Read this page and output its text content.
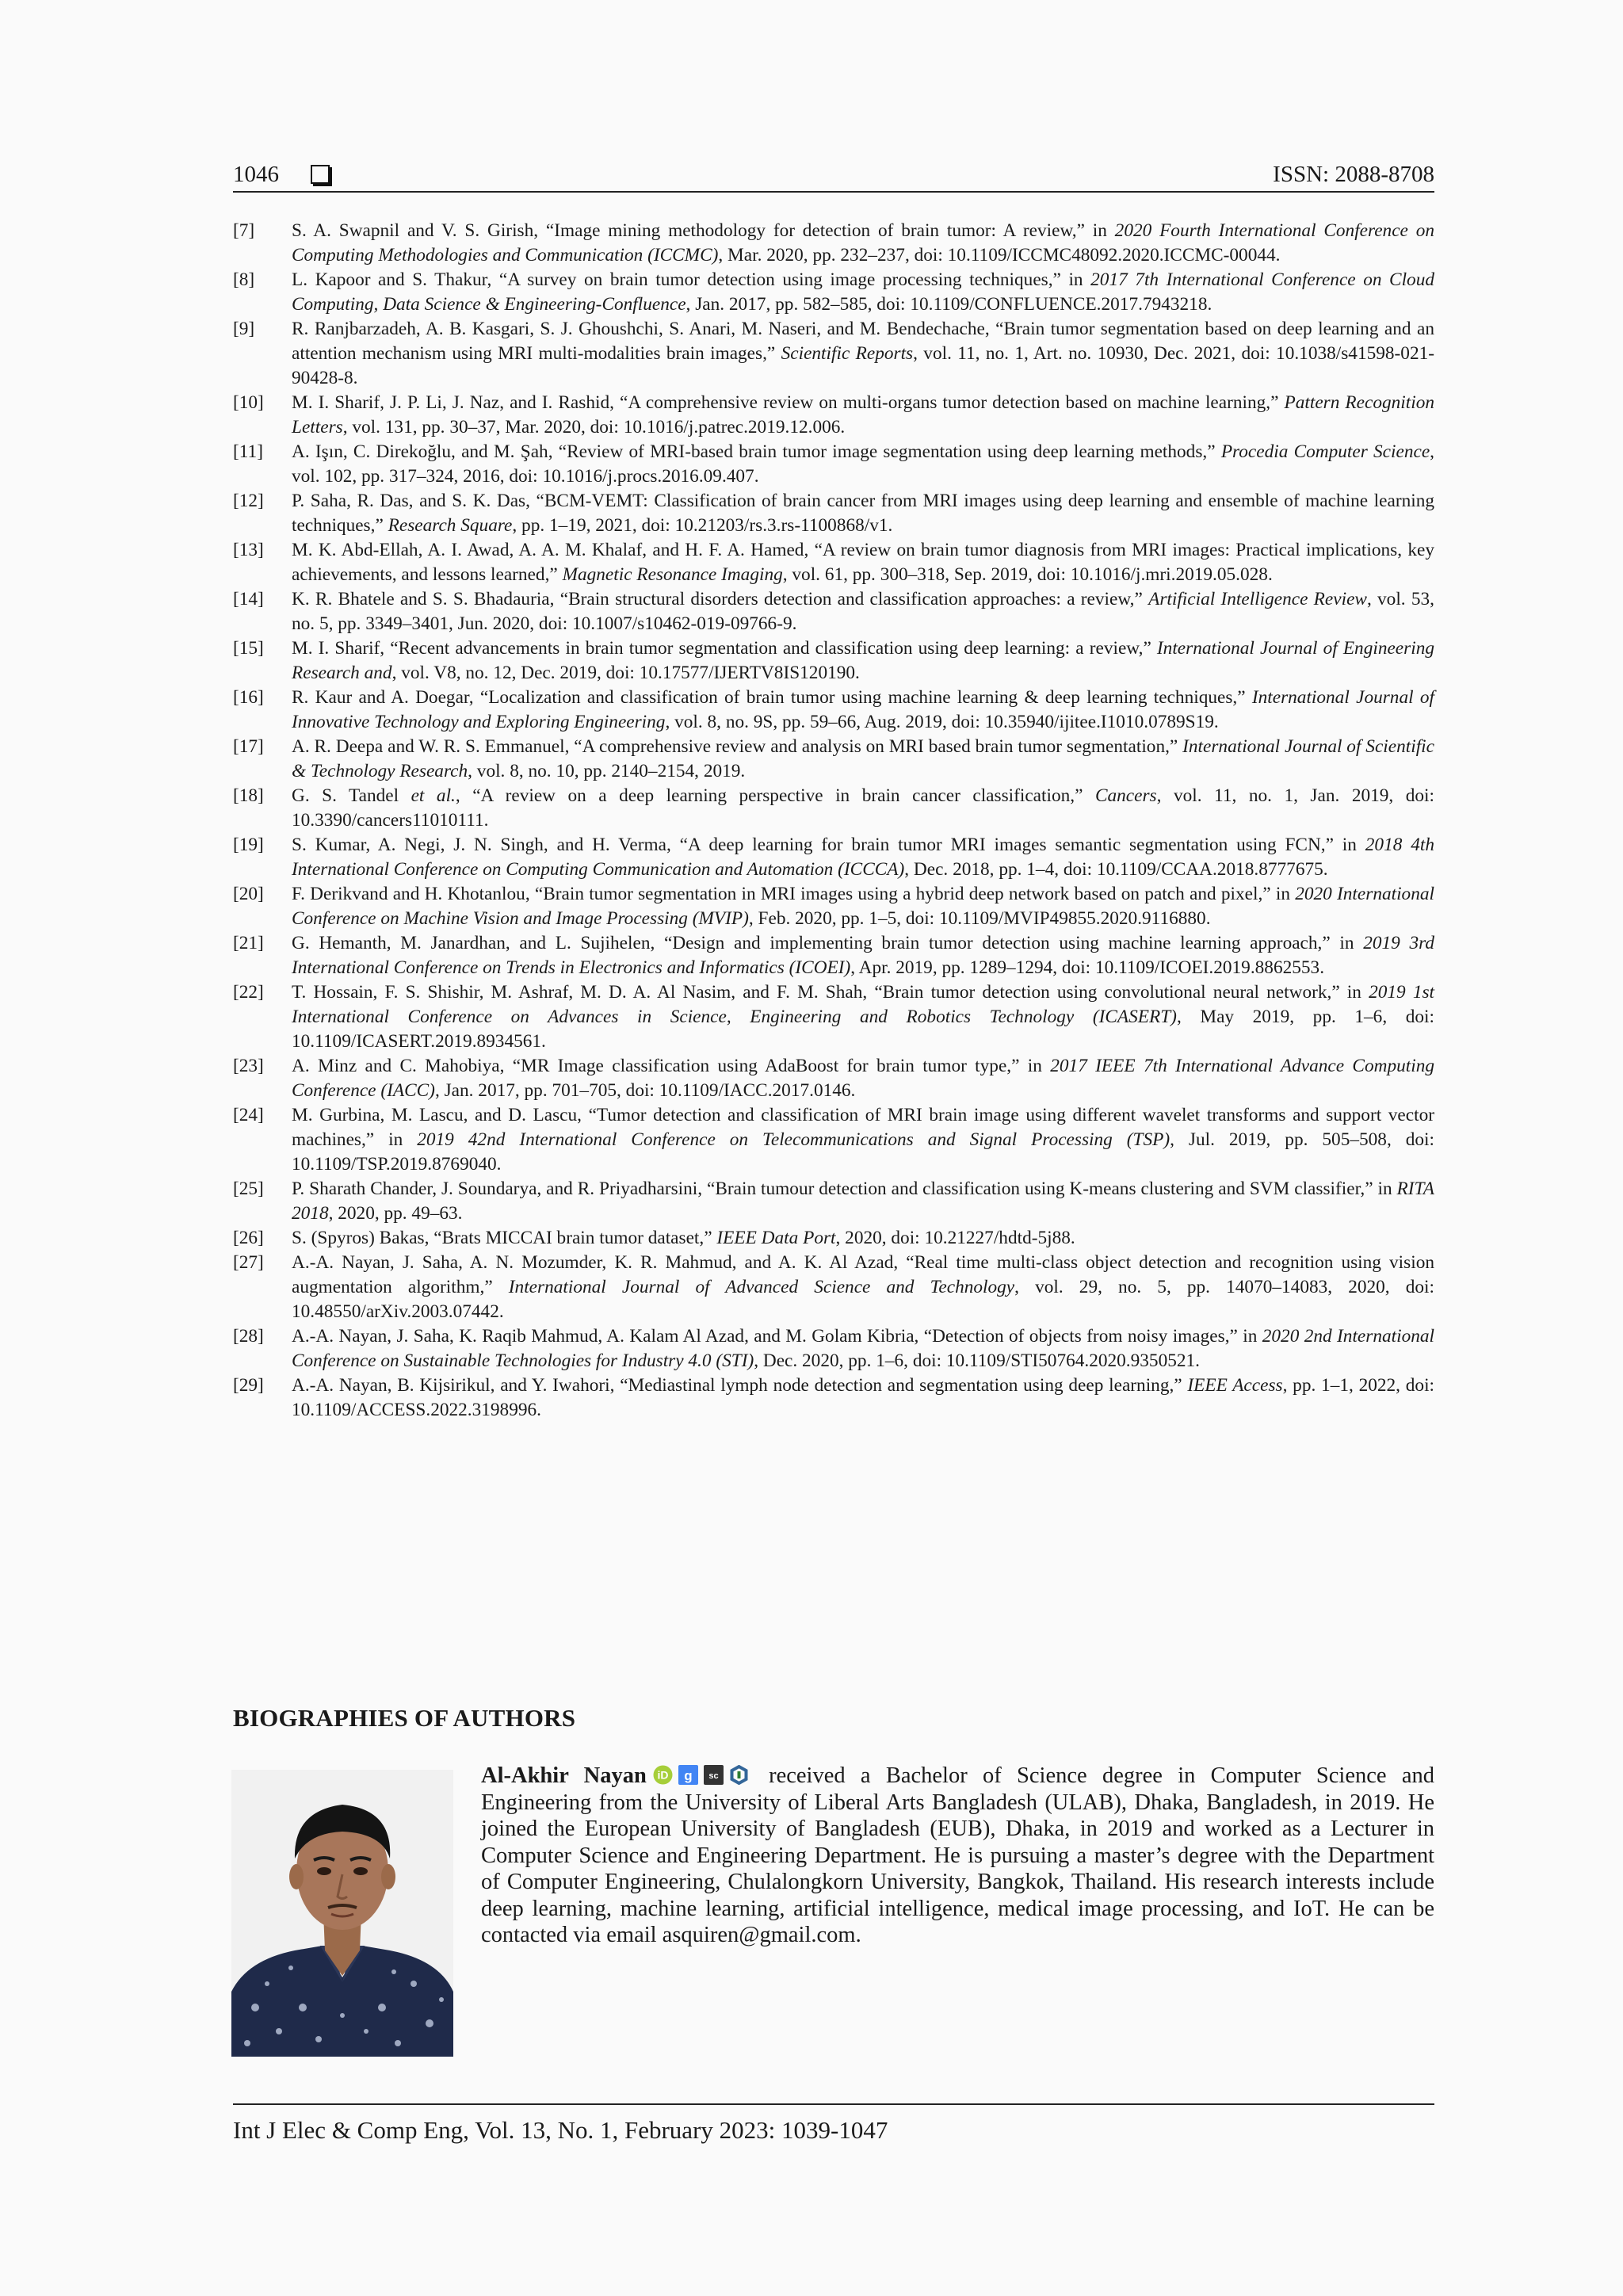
1046	ISSN: 2088-8708
[7]	S. A. Swapnil and V. S. Girish, “Image mining methodology for detection of brain tumor: A review,” in 2020 Fourth International Conference on Computing Methodologies and Communication (ICCMC), Mar. 2020, pp. 232–237, doi: 10.1109/ICCMC48092.2020.ICCMC-00044.
[8]	L. Kapoor and S. Thakur, “A survey on brain tumor detection using image processing techniques,” in 2017 7th International Conference on Cloud Computing, Data Science & Engineering-Confluence, Jan. 2017, pp. 582–585, doi: 10.1109/CONFLUENCE.2017.7943218.
[9]	R. Ranjbarzadeh, A. B. Kasgari, S. J. Ghoushchi, S. Anari, M. Naseri, and M. Bendechache, “Brain tumor segmentation based on deep learning and an attention mechanism using MRI multi-modalities brain images,” Scientific Reports, vol. 11, no. 1, Art. no. 10930, Dec. 2021, doi: 10.1038/s41598-021-90428-8.
[10]	M. I. Sharif, J. P. Li, J. Naz, and I. Rashid, “A comprehensive review on multi-organs tumor detection based on machine learning,” Pattern Recognition Letters, vol. 131, pp. 30–37, Mar. 2020, doi: 10.1016/j.patrec.2019.12.006.
[11]	A. Işın, C. Direkoğlu, and M. Şah, “Review of MRI-based brain tumor image segmentation using deep learning methods,” Procedia Computer Science, vol. 102, pp. 317–324, 2016, doi: 10.1016/j.procs.2016.09.407.
[12]	P. Saha, R. Das, and S. K. Das, “BCM-VEMT: Classification of brain cancer from MRI images using deep learning and ensemble of machine learning techniques,” Research Square, pp. 1–19, 2021, doi: 10.21203/rs.3.rs-1100868/v1.
[13]	M. K. Abd-Ellah, A. I. Awad, A. A. M. Khalaf, and H. F. A. Hamed, “A review on brain tumor diagnosis from MRI images: Practical implications, key achievements, and lessons learned,” Magnetic Resonance Imaging, vol. 61, pp. 300–318, Sep. 2019, doi: 10.1016/j.mri.2019.05.028.
[14]	K. R. Bhatele and S. S. Bhadauria, “Brain structural disorders detection and classification approaches: a review,” Artificial Intelligence Review, vol. 53, no. 5, pp. 3349–3401, Jun. 2020, doi: 10.1007/s10462-019-09766-9.
[15]	M. I. Sharif, “Recent advancements in brain tumor segmentation and classification using deep learning: a review,” International Journal of Engineering Research and, vol. V8, no. 12, Dec. 2019, doi: 10.17577/IJERTV8IS120190.
[16]	R. Kaur and A. Doegar, “Localization and classification of brain tumor using machine learning & deep learning techniques,” International Journal of Innovative Technology and Exploring Engineering, vol. 8, no. 9S, pp. 59–66, Aug. 2019, doi: 10.35940/ijitee.I1010.0789S19.
[17]	A. R. Deepa and W. R. S. Emmanuel, “A comprehensive review and analysis on MRI based brain tumor segmentation,” International Journal of Scientific & Technology Research, vol. 8, no. 10, pp. 2140–2154, 2019.
[18]	G. S. Tandel et al., “A review on a deep learning perspective in brain cancer classification,” Cancers, vol. 11, no. 1, Jan. 2019, doi: 10.3390/cancers11010111.
[19]	S. Kumar, A. Negi, J. N. Singh, and H. Verma, “A deep learning for brain tumor MRI images semantic segmentation using FCN,” in 2018 4th International Conference on Computing Communication and Automation (ICCCA), Dec. 2018, pp. 1–4, doi: 10.1109/CCAA.2018.8777675.
[20]	F. Derikvand and H. Khotanlou, “Brain tumor segmentation in MRI images using a hybrid deep network based on patch and pixel,” in 2020 International Conference on Machine Vision and Image Processing (MVIP), Feb. 2020, pp. 1–5, doi: 10.1109/MVIP49855.2020.9116880.
[21]	G. Hemanth, M. Janardhan, and L. Sujihelen, “Design and implementing brain tumor detection using machine learning approach,” in 2019 3rd International Conference on Trends in Electronics and Informatics (ICOEI), Apr. 2019, pp. 1289–1294, doi: 10.1109/ICOEI.2019.8862553.
[22]	T. Hossain, F. S. Shishir, M. Ashraf, M. D. A. Al Nasim, and F. M. Shah, “Brain tumor detection using convolutional neural network,” in 2019 1st International Conference on Advances in Science, Engineering and Robotics Technology (ICASERT), May 2019, pp. 1–6, doi: 10.1109/ICASERT.2019.8934561.
[23]	A. Minz and C. Mahobiya, “MR Image classification using AdaBoost for brain tumor type,” in 2017 IEEE 7th International Advance Computing Conference (IACC), Jan. 2017, pp. 701–705, doi: 10.1109/IACC.2017.0146.
[24]	M. Gurbina, M. Lascu, and D. Lascu, “Tumor detection and classification of MRI brain image using different wavelet transforms and support vector machines,” in 2019 42nd International Conference on Telecommunications and Signal Processing (TSP), Jul. 2019, pp. 505–508, doi: 10.1109/TSP.2019.8769040.
[25]	P. Sharath Chander, J. Soundarya, and R. Priyadharsini, “Brain tumour detection and classification using K-means clustering and SVM classifier,” in RITA 2018, 2020, pp. 49–63.
[26]	S. (Spyros) Bakas, “Brats MICCAI brain tumor dataset,” IEEE Data Port, 2020, doi: 10.21227/hdtd-5j88.
[27]	A.-A. Nayan, J. Saha, A. N. Mozumder, K. R. Mahmud, and A. K. Al Azad, “Real time multi-class object detection and recognition using vision augmentation algorithm,” International Journal of Advanced Science and Technology, vol. 29, no. 5, pp. 14070–14083, 2020, doi: 10.48550/arXiv.2003.07442.
[28]	A.-A. Nayan, J. Saha, K. Raqib Mahmud, A. Kalam Al Azad, and M. Golam Kibria, “Detection of objects from noisy images,” in 2020 2nd International Conference on Sustainable Technologies for Industry 4.0 (STI), Dec. 2020, pp. 1–6, doi: 10.1109/STI50764.2020.9350521.
[29]	A.-A. Nayan, B. Kijsirikul, and Y. Iwahori, “Mediastinal lymph node detection and segmentation using deep learning,” IEEE Access, pp. 1–1, 2022, doi: 10.1109/ACCESS.2022.3198996.
BIOGRAPHIES OF AUTHORS
Al-Akhir Nayan iD g sc received a Bachelor of Science degree in Computer Science and Engineering from the University of Liberal Arts Bangladesh (ULAB), Dhaka, Bangladesh, in 2019. He joined the European University of Bangladesh (EUB), Dhaka, in 2019 and worked as a Lecturer in Computer Science and Engineering Department. He is pursuing a master’s degree with the Department of Computer Engineering, Chulalongkorn University, Bangkok, Thailand. His research interests include deep learning, machine learning, artificial intelligence, medical image processing, and IoT. He can be contacted via email asquiren@gmail.com.
Int J Elec & Comp Eng, Vol. 13, No. 1, February 2023: 1039-1047
